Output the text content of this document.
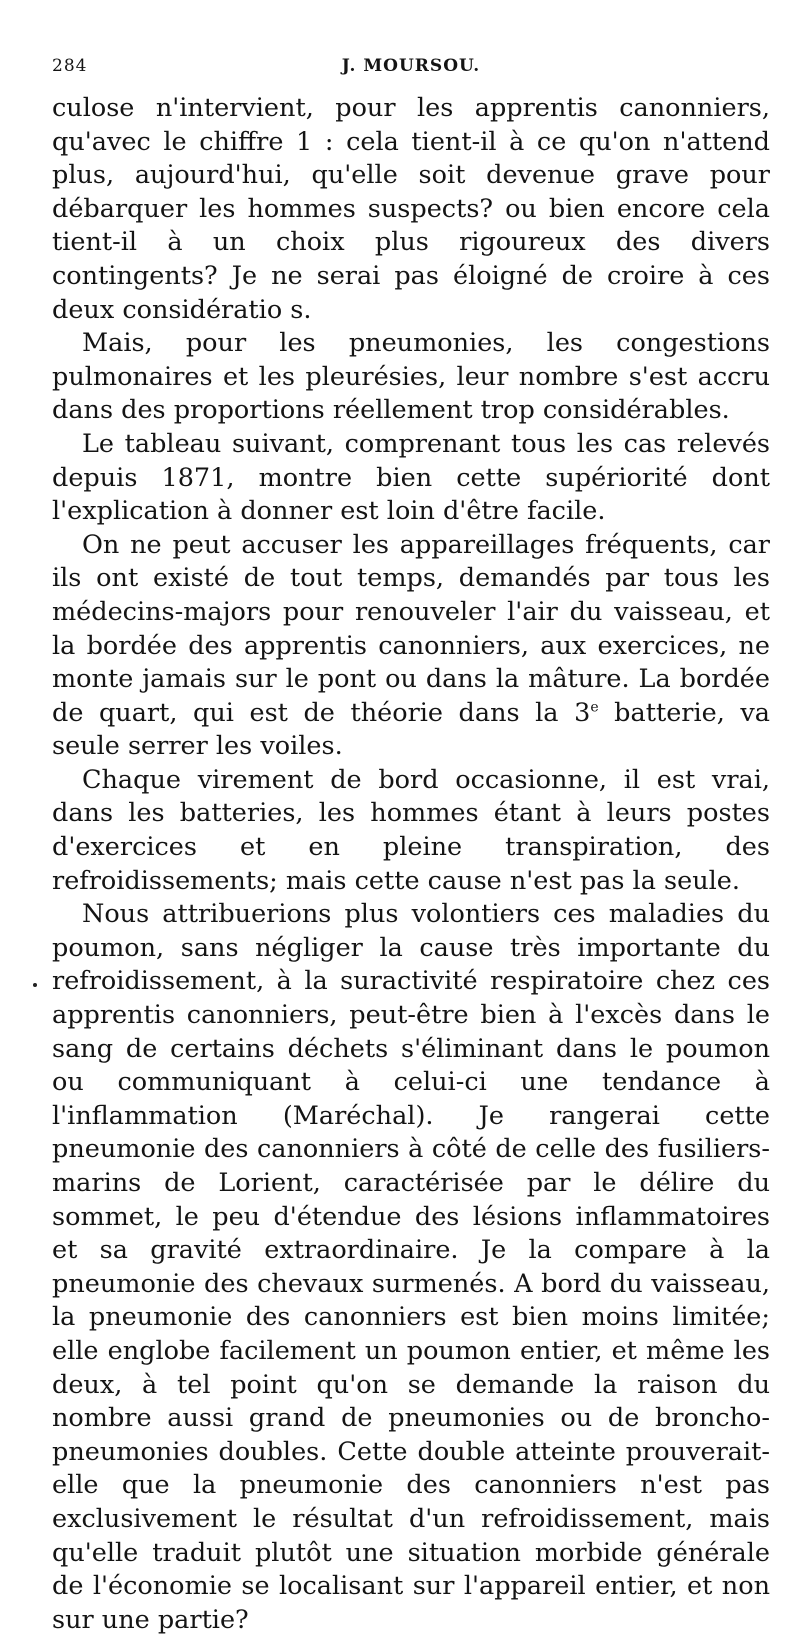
284	J. MOURSOU.

culose n'intervient, pour les apprentis canonniers, qu'avec le chiffre 1 : cela tient-il à ce qu'on n'attend plus, aujourd'hui, qu'elle soit devenue grave pour débarquer les hommes suspects? ou bien encore cela tient-il à un choix plus rigoureux des divers contingents? Je ne serai pas éloigné de croire à ces deux considératio s.

Mais, pour les pneumonies, les congestions pulmonaires et les pleurésies, leur nombre s'est accru dans des proportions réellement trop considérables.

Le tableau suivant, comprenant tous les cas relevés depuis 1871, montre bien cette supériorité dont l'explication à donner est loin d'être facile.

On ne peut accuser les appareillages fréquents, car ils ont existé de tout temps, demandés par tous les médecins-majors pour renouveler l'air du vaisseau, et la bordée des apprentis canonniers, aux exercices, ne monte jamais sur le pont ou dans la mâture. La bordée de quart, qui est de théorie dans la 3e batterie, va seule serrer les voiles.

Chaque virement de bord occasionne, il est vrai, dans les batteries, les hommes étant à leurs postes d'exercices et en pleine transpiration, des refroidissements; mais cette cause n'est pas la seule.

Nous attribuerions plus volontiers ces maladies du poumon, sans négliger la cause très importante du refroidissement, à la suractivité respiratoire chez ces apprentis canonniers, peut-être bien à l'excès dans le sang de certains déchets s'éliminant dans le poumon ou communiquant à celui-ci une tendance à l'inflammation (Maréchal). Je rangerai cette pneumonie des canonniers à côté de celle des fusiliers-marins de Lorient, caractérisée par le délire du sommet, le peu d'étendue des lésions inflammatoires et sa gravité extraordinaire. Je la compare à la pneumonie des chevaux surmenés. A bord du vaisseau, la pneumonie des canonniers est bien moins limitée; elle englobe facilement un poumon entier, et même les deux, à tel point qu'on se demande la raison du nombre aussi grand de pneumonies ou de broncho-pneumonies doubles. Cette double atteinte prouverait-elle que la pneumonie des canonniers n'est pas exclusivement le résultat d'un refroidissement, mais qu'elle traduit plutôt une situation morbide générale de l'économie se localisant sur l'appareil entier, et non sur une partie?
